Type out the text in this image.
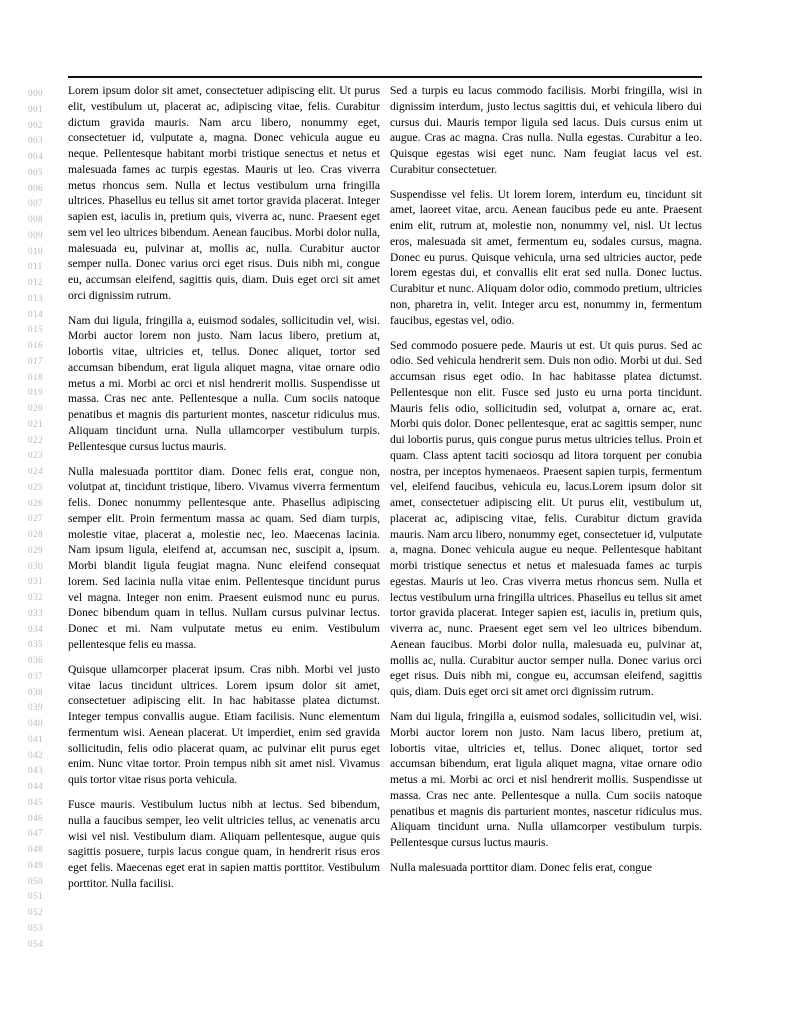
000
001
002
003
004
005
006
007
008
009
010
011
012
013
014
015
016
017
018
019
020
021
022
023
024
025
026
027
028
029
030
031
032
033
034
035
036
037
038
039
040
041
042
043
044
045
046
047
048
049
050
051
052
053
054

Lorem ipsum dolor sit amet, consectetuer adipiscing elit. Ut purus elit, vestibulum ut, placerat ac, adipiscing vitae, felis. Curabitur dictum gravida mauris. Nam arcu libero, nonummy eget, consectetuer id, vulputate a, magna. Donec vehicula augue eu neque. Pellentesque habitant morbi tristique senectus et netus et malesuada fames ac turpis egestas. Mauris ut leo. Cras viverra metus rhoncus sem. Nulla et lectus vestibulum urna fringilla ultrices. Phasellus eu tellus sit amet tortor gravida placerat. Integer sapien est, iaculis in, pretium quis, viverra ac, nunc. Praesent eget sem vel leo ultrices bibendum. Aenean faucibus. Morbi dolor nulla, malesuada eu, pulvinar at, mollis ac, nulla. Curabitur auctor semper nulla. Donec varius orci eget risus. Duis nibh mi, congue eu, accumsan eleifend, sagittis quis, diam. Duis eget orci sit amet orci dignissim rutrum.

Nam dui ligula, fringilla a, euismod sodales, sollicitudin vel, wisi. Morbi auctor lorem non justo. Nam lacus libero, pretium at, lobortis vitae, ultricies et, tellus. Donec aliquet, tortor sed accumsan bibendum, erat ligula aliquet magna, vitae ornare odio metus a mi. Morbi ac orci et nisl hendrerit mollis. Suspendisse ut massa. Cras nec ante. Pellentesque a nulla. Cum sociis natoque penatibus et magnis dis parturient montes, nascetur ridiculus mus. Aliquam tincidunt urna. Nulla ullamcorper vestibulum turpis. Pellentesque cursus luctus mauris.

Nulla malesuada porttitor diam. Donec felis erat, congue non, volutpat at, tincidunt tristique, libero. Vivamus viverra fermentum felis. Donec nonummy pellentesque ante. Phasellus adipiscing semper elit. Proin fermentum massa ac quam. Sed diam turpis, molestie vitae, placerat a, molestie nec, leo. Maecenas lacinia. Nam ipsum ligula, eleifend at, accumsan nec, suscipit a, ipsum. Morbi blandit ligula feugiat magna. Nunc eleifend consequat lorem. Sed lacinia nulla vitae enim. Pellentesque tincidunt purus vel magna. Integer non enim. Praesent euismod nunc eu purus. Donec bibendum quam in tellus. Nullam cursus pulvinar lectus. Donec et mi. Nam vulputate metus eu enim. Vestibulum pellentesque felis eu massa.

Quisque ullamcorper placerat ipsum. Cras nibh. Morbi vel justo vitae lacus tincidunt ultrices. Lorem ipsum dolor sit amet, consectetuer adipiscing elit. In hac habitasse platea dictumst. Integer tempus convallis augue. Etiam facilisis. Nunc elementum fermentum wisi. Aenean placerat. Ut imperdiet, enim sed gravida sollicitudin, felis odio placerat quam, ac pulvinar elit purus eget enim. Nunc vitae tortor. Proin tempus nibh sit amet nisl. Vivamus quis tortor vitae risus porta vehicula.

Fusce mauris. Vestibulum luctus nibh at lectus. Sed bibendum, nulla a faucibus semper, leo velit ultricies tellus, ac venenatis arcu wisi vel nisl. Vestibulum diam. Aliquam pellentesque, augue quis sagittis posuere, turpis lacus congue quam, in hendrerit risus eros eget felis. Maecenas eget erat in sapien mattis porttitor. Vestibulum porttitor. Nulla facilisi.

Sed a turpis eu lacus commodo facilisis. Morbi fringilla, wisi in dignissim interdum, justo lectus sagittis dui, et vehicula libero dui cursus dui. Mauris tempor ligula sed lacus. Duis cursus enim ut augue. Cras ac magna. Cras nulla. Nulla egestas. Curabitur a leo. Quisque egestas wisi eget nunc. Nam feugiat lacus vel est. Curabitur consectetuer.

Suspendisse vel felis. Ut lorem lorem, interdum eu, tincidunt sit amet, laoreet vitae, arcu. Aenean faucibus pede eu ante. Praesent enim elit, rutrum at, molestie non, nonummy vel, nisl. Ut lectus eros, malesuada sit amet, fermentum eu, sodales cursus, magna. Donec eu purus. Quisque vehicula, urna sed ultricies auctor, pede lorem egestas dui, et convallis elit erat sed nulla. Donec luctus. Curabitur et nunc. Aliquam dolor odio, commodo pretium, ultricies non, pharetra in, velit. Integer arcu est, nonummy in, fermentum faucibus, egestas vel, odio.

Sed commodo posuere pede. Mauris ut est. Ut quis purus. Sed ac odio. Sed vehicula hendrerit sem. Duis non odio. Morbi ut dui. Sed accumsan risus eget odio. In hac habitasse platea dictumst. Pellentesque non elit. Fusce sed justo eu urna porta tincidunt. Mauris felis odio, sollicitudin sed, volutpat a, ornare ac, erat. Morbi quis dolor. Donec pellentesque, erat ac sagittis semper, nunc dui lobortis purus, quis congue purus metus ultricies tellus. Proin et quam. Class aptent taciti sociosqu ad litora torquent per conubia nostra, per inceptos hymenaeos. Praesent sapien turpis, fermentum vel, eleifend faucibus, vehicula eu, lacus.Lorem ipsum dolor sit amet, consectetuer adipiscing elit. Ut purus elit, vestibulum ut, placerat ac, adipiscing vitae, felis. Curabitur dictum gravida mauris. Nam arcu libero, nonummy eget, consectetuer id, vulputate a, magna. Donec vehicula augue eu neque. Pellentesque habitant morbi tristique senectus et netus et malesuada fames ac turpis egestas. Mauris ut leo. Cras viverra metus rhoncus sem. Nulla et lectus vestibulum urna fringilla ultrices. Phasellus eu tellus sit amet tortor gravida placerat. Integer sapien est, iaculis in, pretium quis, viverra ac, nunc. Praesent eget sem vel leo ultrices bibendum. Aenean faucibus. Morbi dolor nulla, malesuada eu, pulvinar at, mollis ac, nulla. Curabitur auctor semper nulla. Donec varius orci eget risus. Duis nibh mi, congue eu, accumsan eleifend, sagittis quis, diam. Duis eget orci sit amet orci dignissim rutrum.

Nam dui ligula, fringilla a, euismod sodales, sollicitudin vel, wisi. Morbi auctor lorem non justo. Nam lacus libero, pretium at, lobortis vitae, ultricies et, tellus. Donec aliquet, tortor sed accumsan bibendum, erat ligula aliquet magna, vitae ornare odio metus a mi. Morbi ac orci et nisl hendrerit mollis. Suspendisse ut massa. Cras nec ante. Pellentesque a nulla. Cum sociis natoque penatibus et magnis dis parturient montes, nascetur ridiculus mus. Aliquam tincidunt urna. Nulla ullamcorper vestibulum turpis. Pellentesque cursus luctus mauris.

Nulla malesuada porttitor diam. Donec felis erat, congue
